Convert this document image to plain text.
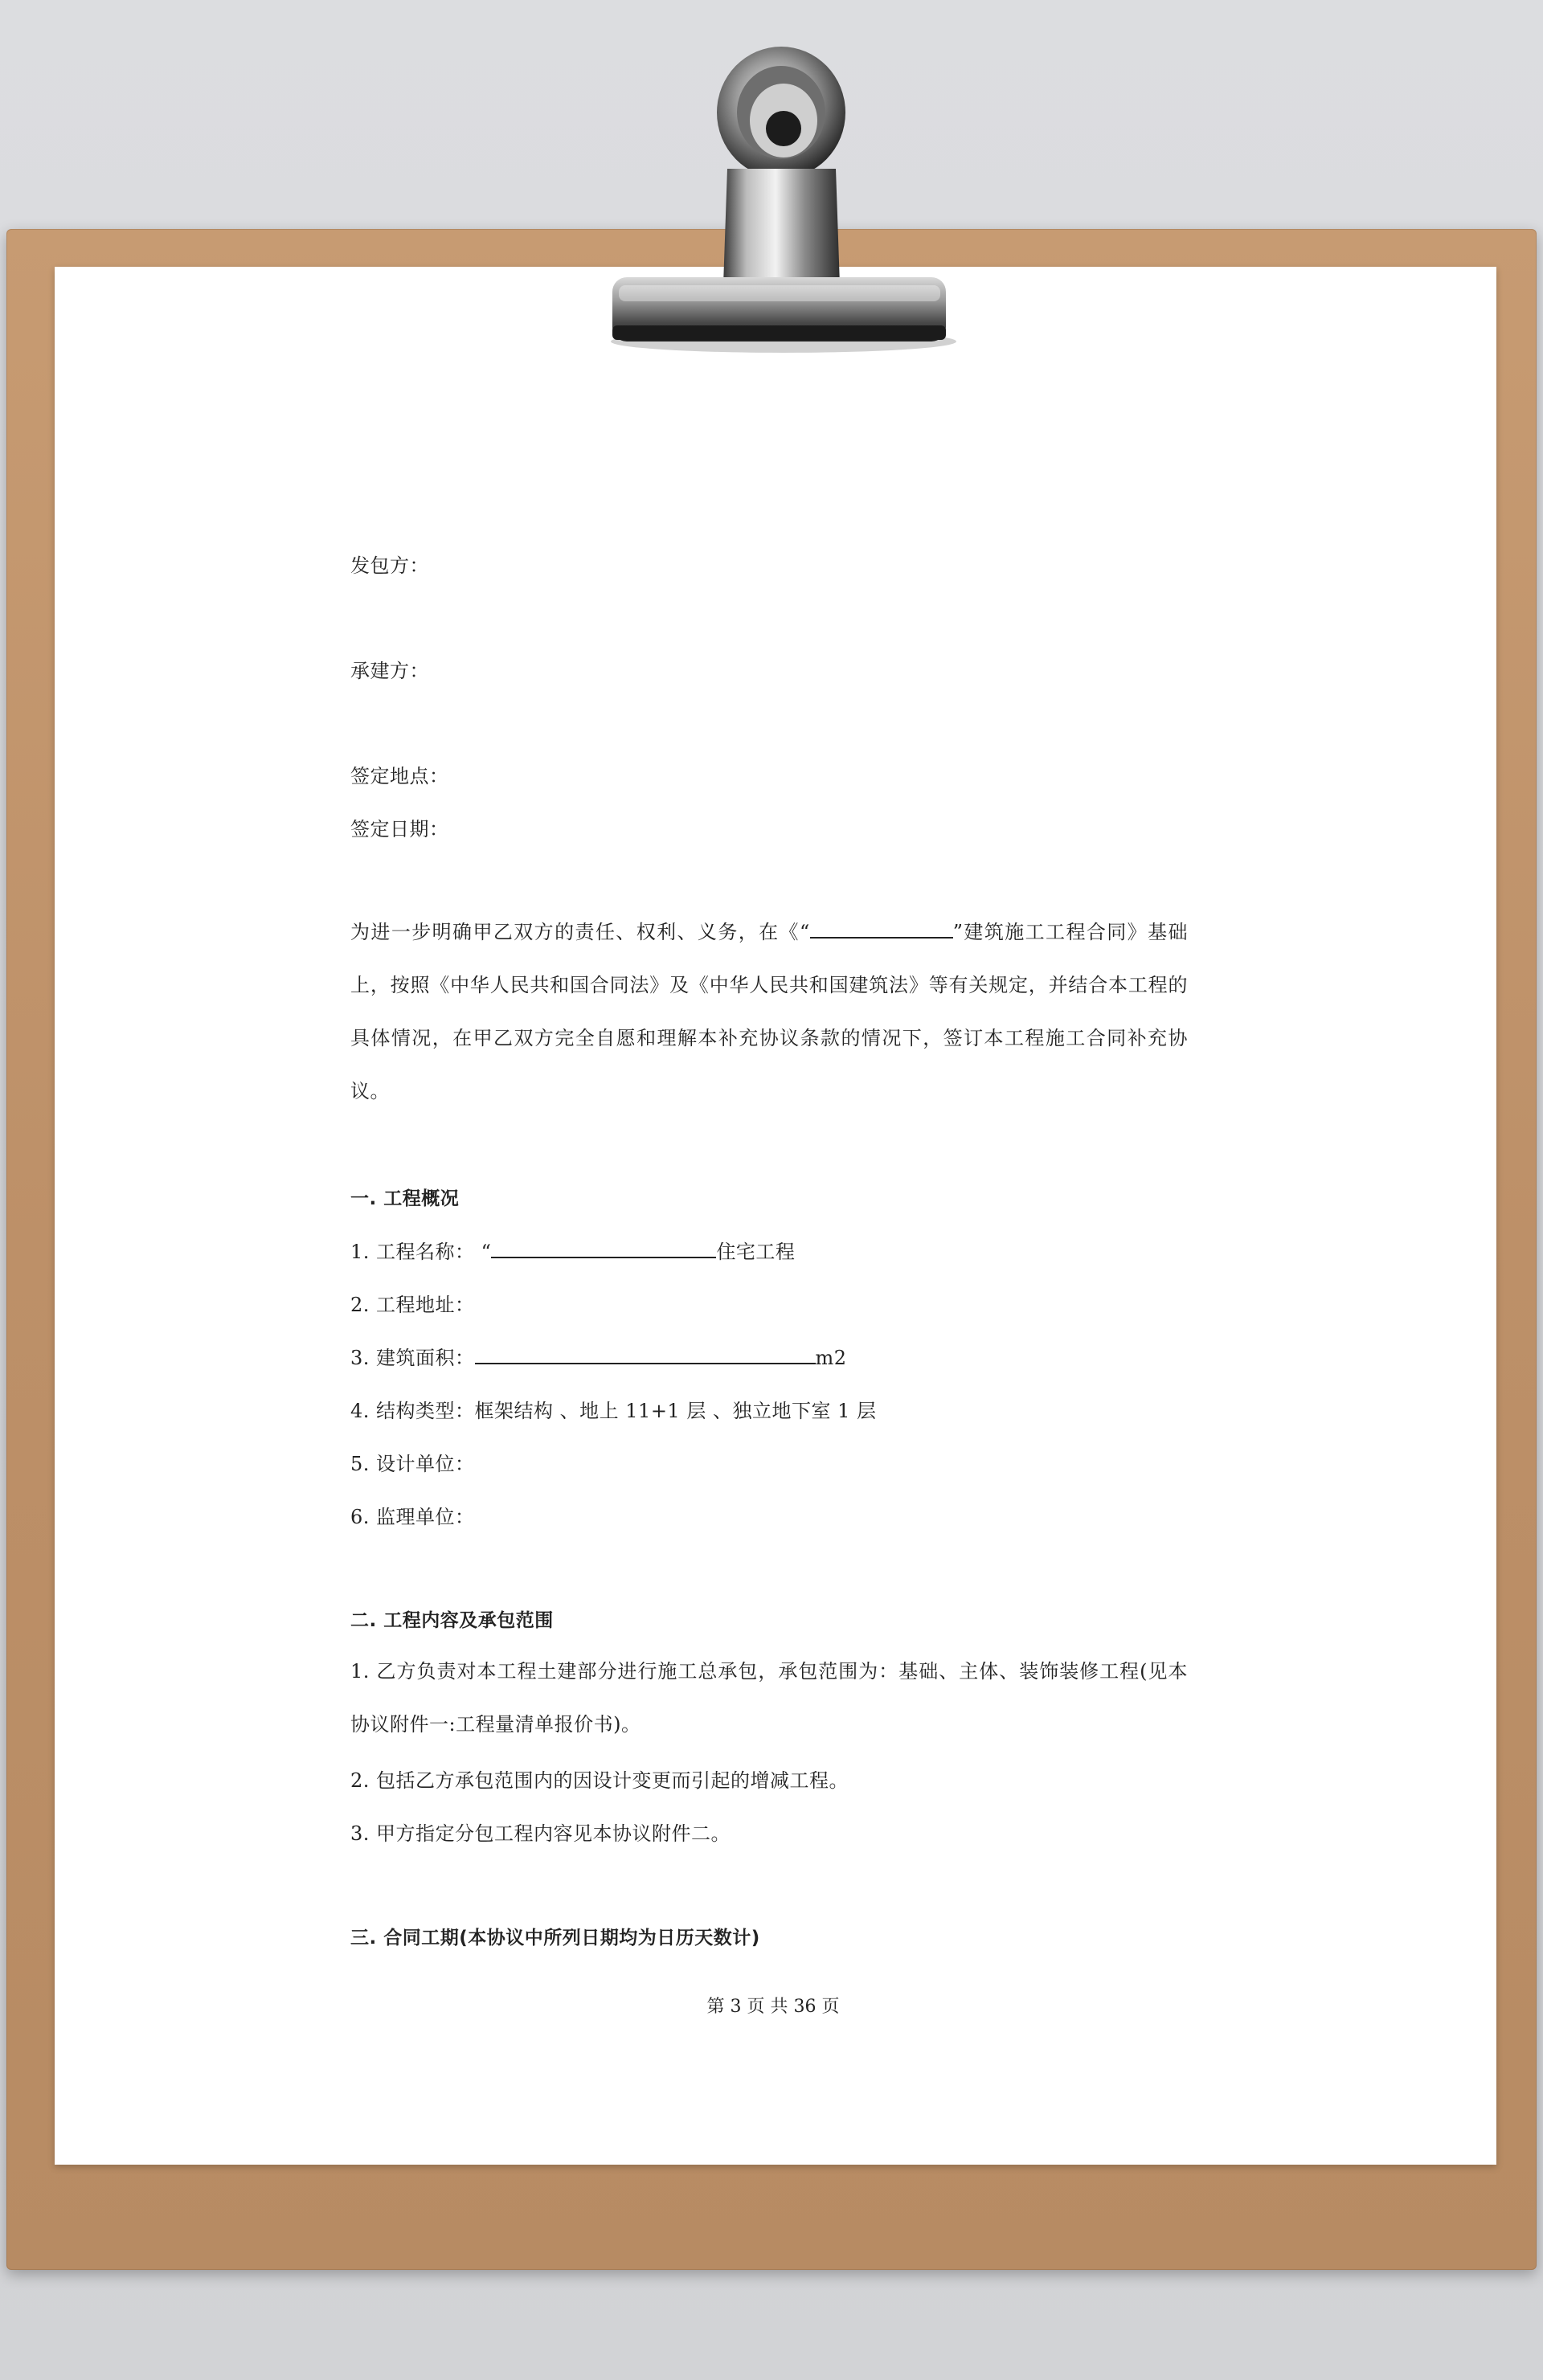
发包方：
承建方：
签定地点：
签定日期：
为进一步明确甲乙双方的责任、权利、义务，在《“	”建筑施工工程合同》基础上，按照《中华人民共和国合同法》及《中华人民共和国建筑法》等有关规定，并结合本工程的具体情况，在甲乙双方完全自愿和理解本补充协议条款的情况下，签订本工程施工合同补充协议。
一. 工程概况
1. 工程名称： “	住宅工程
2. 工程地址：
3. 建筑面积：	m2
4. 结构类型：框架结构 、地上 11+1 层 、独立地下室 1 层
5. 设计单位：
6. 监理单位：
二. 工程内容及承包范围
1. 乙方负责对本工程土建部分进行施工总承包，承包范围为：基础、主体、装饰装修工程(见本协议附件一:工程量清单报价书)。
2. 包括乙方承包范围内的因设计变更而引起的增减工程。
3. 甲方指定分包工程内容见本协议附件二。
三. 合同工期(本协议中所列日期均为日历天数计)
第 3 页 共 36 页
